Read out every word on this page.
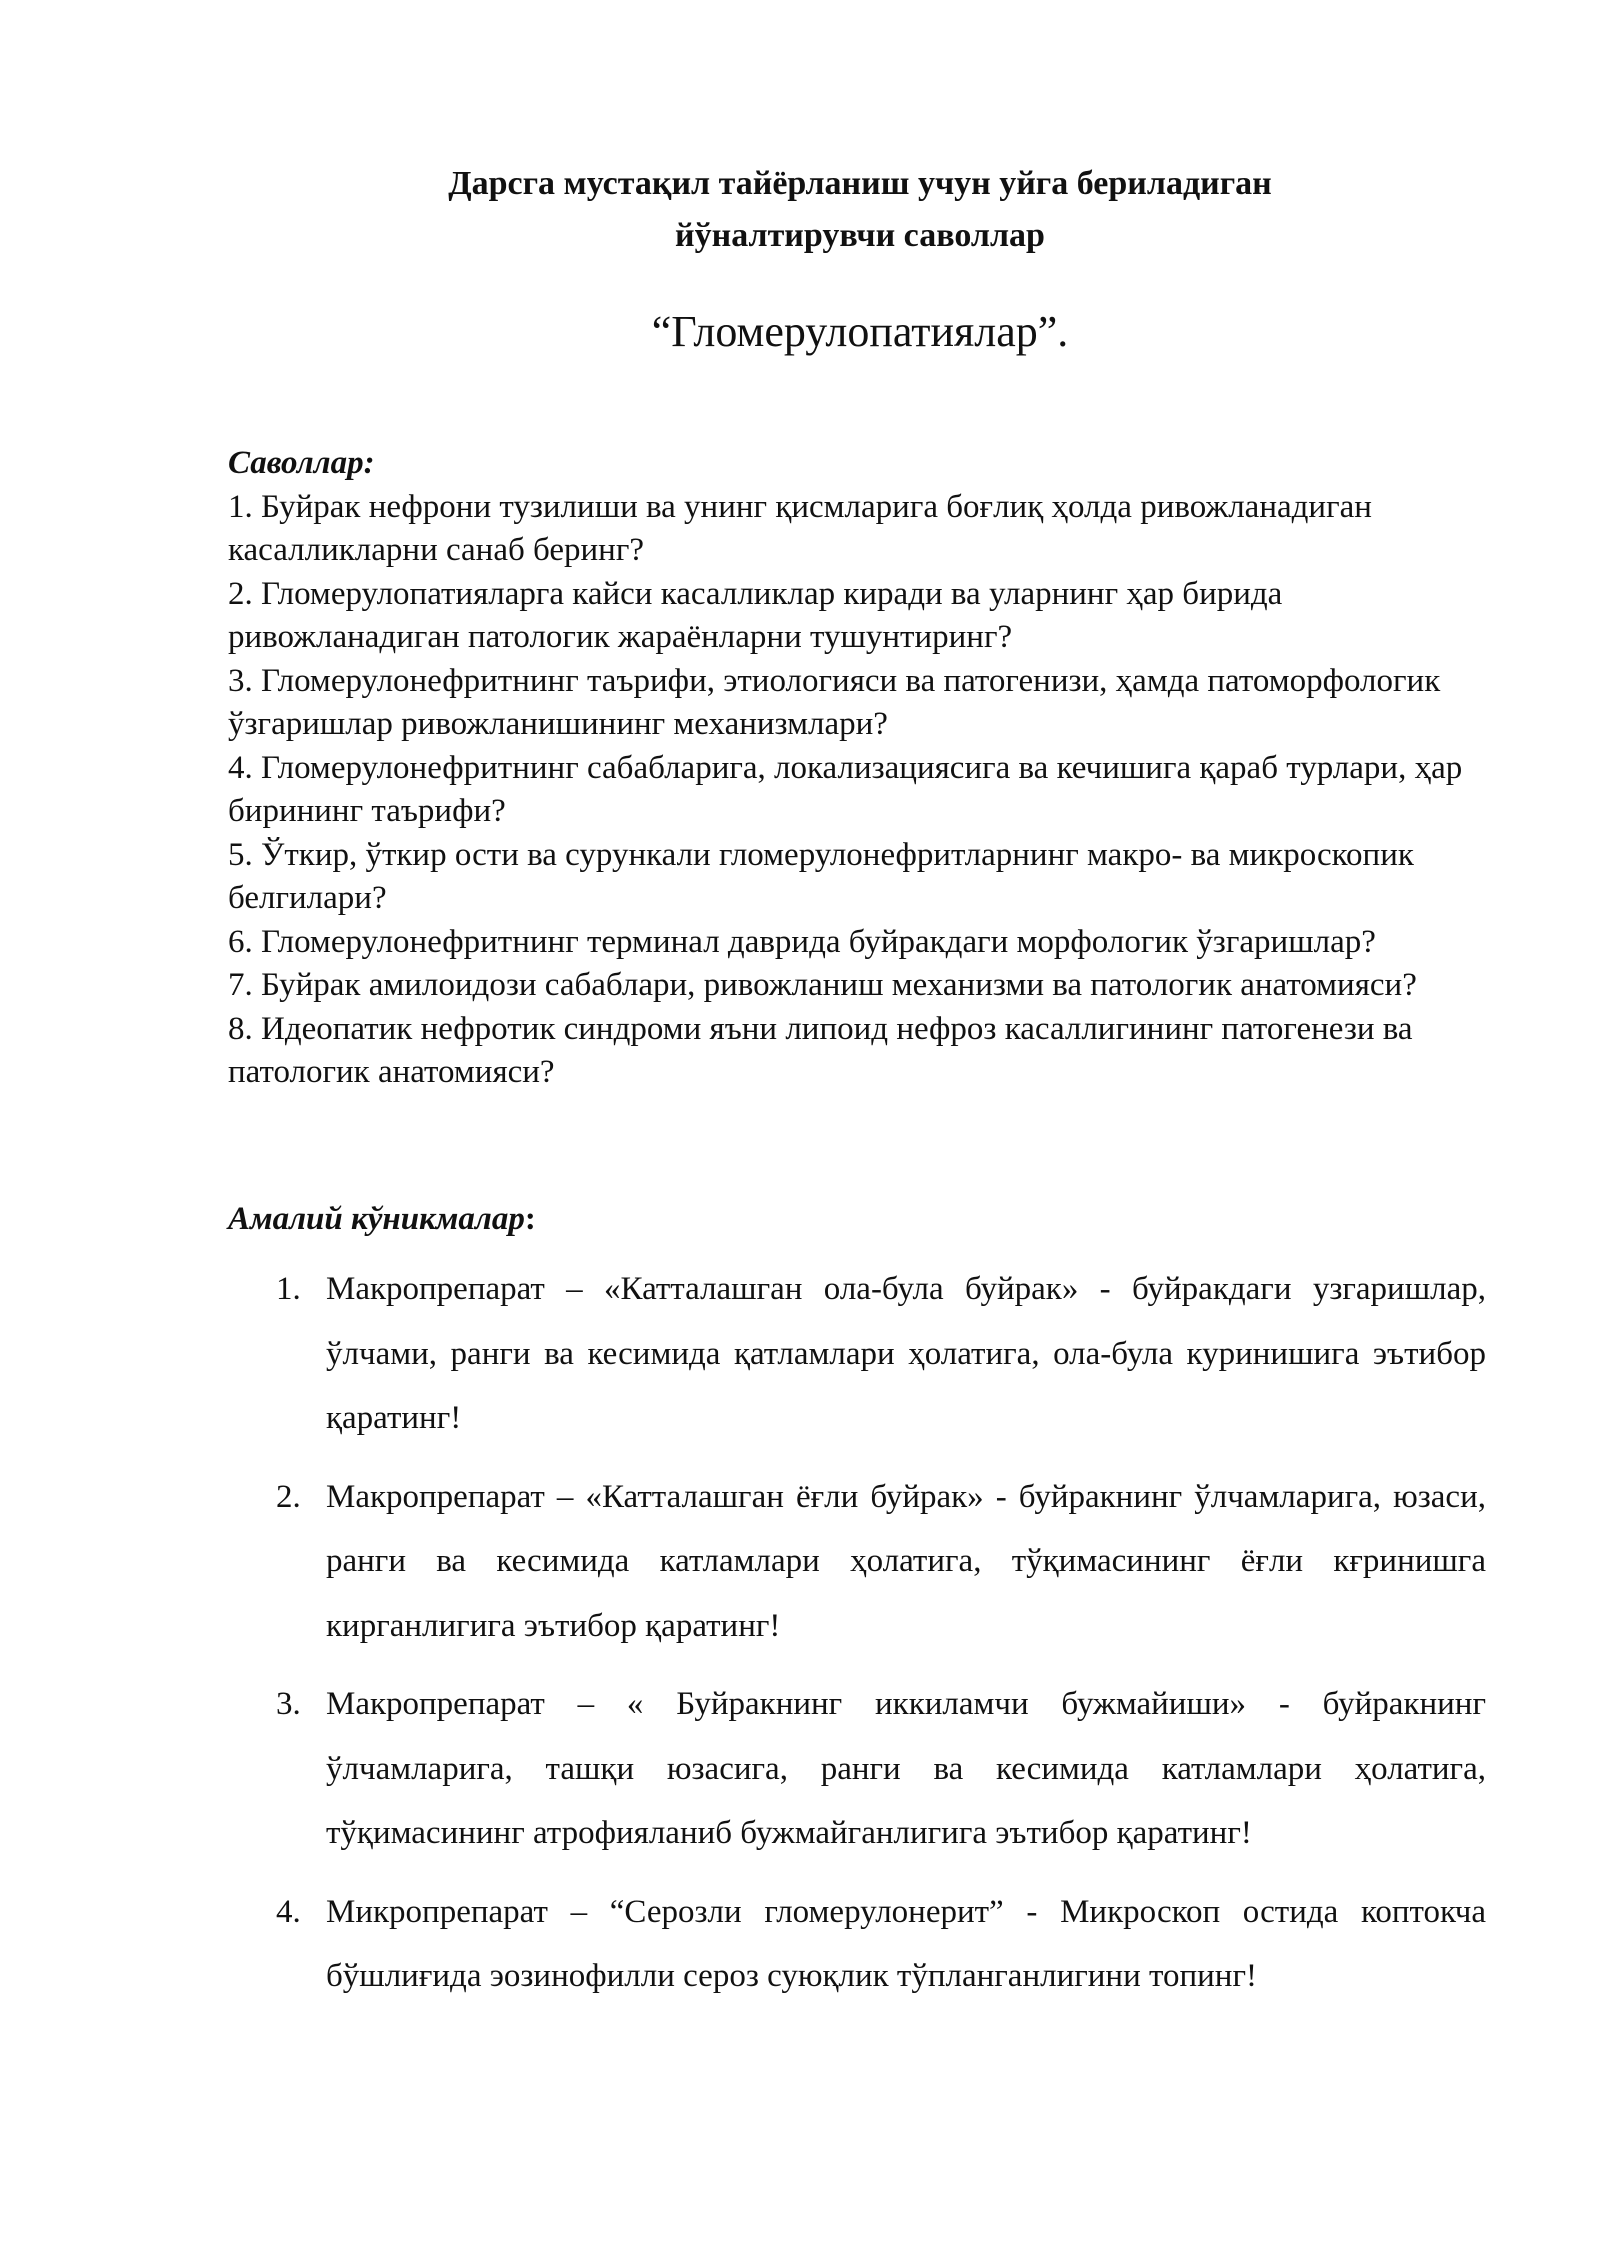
Дарсга мустақил тайёрланиш учун уйга бериладиган
йўналтирувчи саволлар
“Гломерулопатиялар”.

Саволлар:

1. Буйрак нефрони тузилиши ва унинг қисмларига боғлиқ ҳолда ривожланадиган касалликларни санаб беринг?

2. Гломерулопатияларга кайси касалликлар киради ва уларнинг ҳар бирида ривожланадиган патологик жараёнларни тушунтиринг?

3. Гломерулонефритнинг таърифи, этиологияси ва патогенизи, ҳамда патоморфологик ўзгаришлар ривожланишининг механизмлари?

4. Гломерулонефритнинг сабабларига, локализациясига ва кечишига қараб турлари, ҳар бирининг таърифи?

5. Ўткир, ўткир ости ва сурункали гломерулонефритларнинг макро- ва микроскопик белгилари?

6. Гломерулонефритнинг терминал даврида буйракдаги морфологик ўзгаришлар?

7. Буйрак амилоидози сабаблари, ривожланиш механизми ва патологик анатомияси?

8. Идеопатик нефротик синдроми яъни липоид нефроз касаллигининг патогенези ва патологик анатомияси?

Амалий кўникмалар:
1. Макропрепарат – «Катталашган ола-була буйрак» - буйракдаги узгаришлар, ўлчами, ранги ва кесимида қатламлари ҳолатига, ола-була куринишига эътибор қаратинг!
2. Макропрепарат – «Катталашган ёғли буйрак» - буйракнинг ўлчамларига, юзаси, ранги ва кесимида катламлари ҳолатига, тўқимасининг ёғли кғринишга кирганлигига эътибор қаратинг!
3. Макропрепарат – « Буйракнинг иккиламчи бужмайиши» - буйракнинг ўлчамларига, ташқи юзасига, ранги ва кесимида катламлари ҳолатига, тўқимасининг атрофияланиб бужмайганлигига эътибор қаратинг!
4. Микропрепарат – “Серозли гломерулонерит” - Микроскоп остида коптокча бўшлиғида эозинофилли сероз суюқлик тўпланганлигини топинг!
